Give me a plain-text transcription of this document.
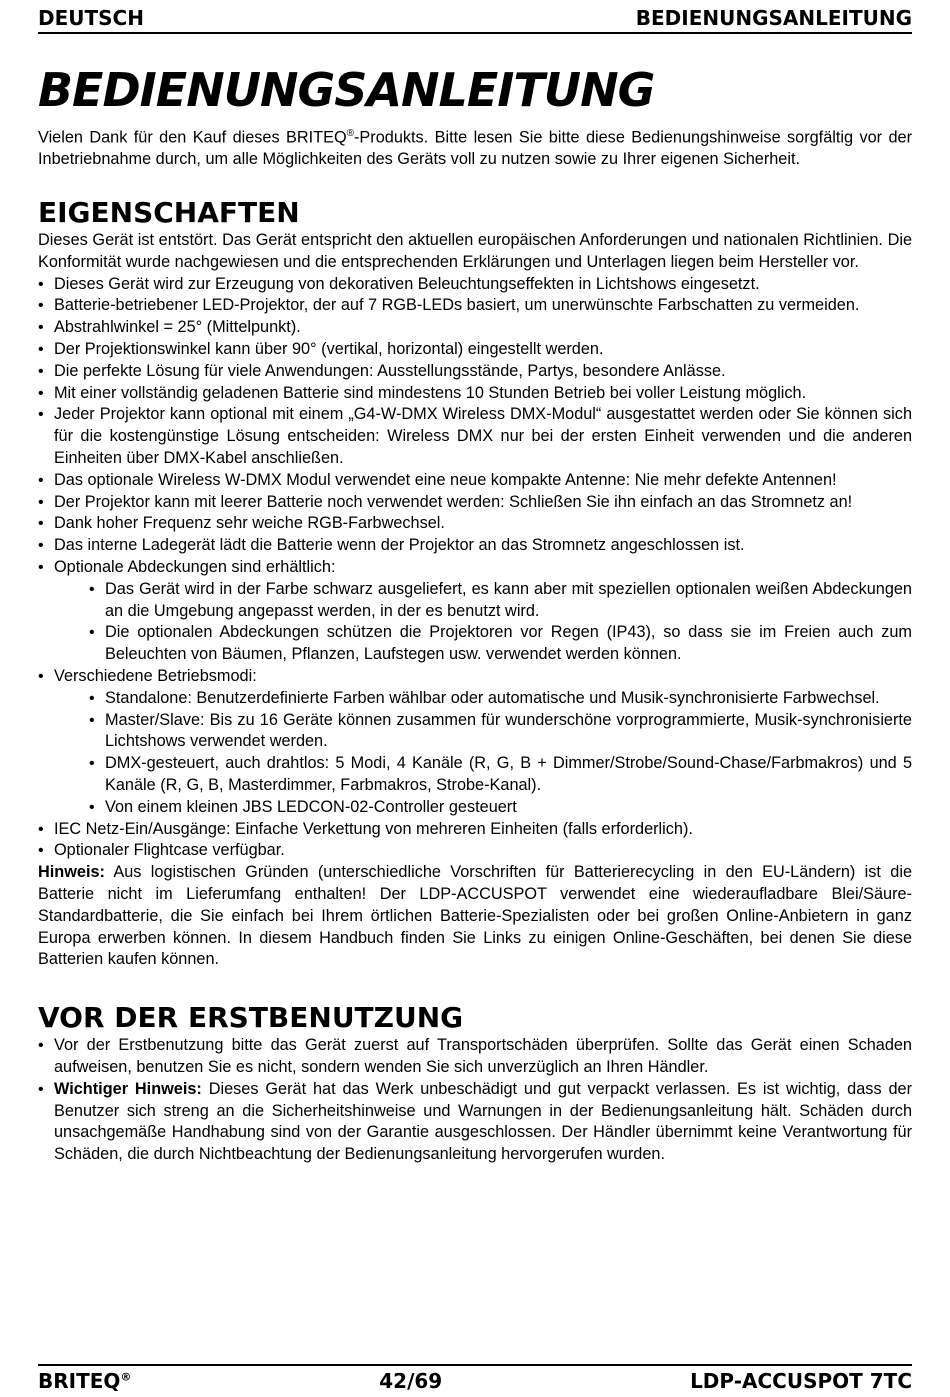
DEUTSCH	BEDIENUNGSANLEITUNG
BEDIENUNGSANLEITUNG

Vielen Dank für den Kauf dieses BRITEQ®-Produkts. Bitte lesen Sie bitte diese Bedienungshinweise sorgfältig vor der Inbetriebnahme durch, um alle Möglichkeiten des Geräts voll zu nutzen sowie zu Ihrer eigenen Sicherheit.

EIGENSCHAFTEN

Dieses Gerät ist entstört. Das Gerät entspricht den aktuellen europäischen Anforderungen und nationalen Richtlinien. Die Konformität wurde nachgewiesen und die entsprechenden Erklärungen und Unterlagen liegen beim Hersteller vor.

• Dieses Gerät wird zur Erzeugung von dekorativen Beleuchtungseffekten in Lichtshows eingesetzt.
• Batterie-betriebener LED-Projektor, der auf 7 RGB-LEDs basiert, um unerwünschte Farbschatten zu vermeiden.
• Abstrahlwinkel = 25° (Mittelpunkt).
• Der Projektionswinkel kann über 90° (vertikal, horizontal) eingestellt werden.
• Die perfekte Lösung für viele Anwendungen: Ausstellungsstände, Partys, besondere Anlässe.
• Mit einer vollständig geladenen Batterie sind mindestens 10 Stunden Betrieb bei voller Leistung möglich.
• Jeder Projektor kann optional mit einem „G4-W-DMX Wireless DMX-Modul“ ausgestattet werden oder Sie können sich für die kostengünstige Lösung entscheiden: Wireless DMX nur bei der ersten Einheit verwenden und die anderen Einheiten über DMX-Kabel anschließen.
• Das optionale Wireless W-DMX Modul verwendet eine neue kompakte Antenne: Nie mehr defekte Antennen!
• Der Projektor kann mit leerer Batterie noch verwendet werden: Schließen Sie ihn einfach an das Stromnetz an!
• Dank hoher Frequenz sehr weiche RGB-Farbwechsel.
• Das interne Ladegerät lädt die Batterie wenn der Projektor an das Stromnetz angeschlossen ist.
• Optionale Abdeckungen sind erhältlich:
• Das Gerät wird in der Farbe schwarz ausgeliefert, es kann aber mit speziellen optionalen weißen Abdeckungen an die Umgebung angepasst werden, in der es benutzt wird.
• Die optionalen Abdeckungen schützen die Projektoren vor Regen (IP43), so dass sie im Freien auch zum Beleuchten von Bäumen, Pflanzen, Laufstegen usw. verwendet werden können.
• Verschiedene Betriebsmodi:
• Standalone: Benutzerdefinierte Farben wählbar oder automatische und Musik-synchronisierte Farbwechsel.
• Master/Slave: Bis zu 16 Geräte können zusammen für wunderschöne vorprogrammierte, Musik-synchronisierte Lichtshows verwendet werden.
• DMX-gesteuert, auch drahtlos: 5 Modi, 4 Kanäle (R, G, B + Dimmer/Strobe/Sound-Chase/Farbmakros) und 5 Kanäle (R, G, B, Masterdimmer, Farbmakros, Strobe-Kanal).
• Von einem kleinen JBS LEDCON-02-Controller gesteuert
• IEC Netz-Ein/Ausgänge: Einfache Verkettung von mehreren Einheiten (falls erforderlich).
• Optionaler Flightcase verfügbar.

Hinweis: Aus logistischen Gründen (unterschiedliche Vorschriften für Batterierecycling in den EU-Ländern) ist die Batterie nicht im Lieferumfang enthalten! Der LDP-ACCUSPOT verwendet eine wiederaufladbare Blei/Säure-Standardbatterie, die Sie einfach bei Ihrem örtlichen Batterie-Spezialisten oder bei großen Online-Anbietern in ganz Europa erwerben können. In diesem Handbuch finden Sie Links zu einigen Online-Geschäften, bei denen Sie diese Batterien kaufen können.

VOR DER ERSTBENUTZUNG
• Vor der Erstbenutzung bitte das Gerät zuerst auf Transportschäden überprüfen. Sollte das Gerät einen Schaden aufweisen, benutzen Sie es nicht, sondern wenden Sie sich unverzüglich an Ihren Händler.
• Wichtiger Hinweis: Dieses Gerät hat das Werk unbeschädigt und gut verpackt verlassen. Es ist wichtig, dass der Benutzer sich streng an die Sicherheitshinweise und Warnungen in der Bedienungsanleitung hält. Schäden durch unsachgemäße Handhabung sind von der Garantie ausgeschlossen. Der Händler übernimmt keine Verantwortung für Schäden, die durch Nichtbeachtung der Bedienungsanleitung hervorgerufen wurden.
BRITEQ®	42/69	LDP-ACCUSPOT 7TC
